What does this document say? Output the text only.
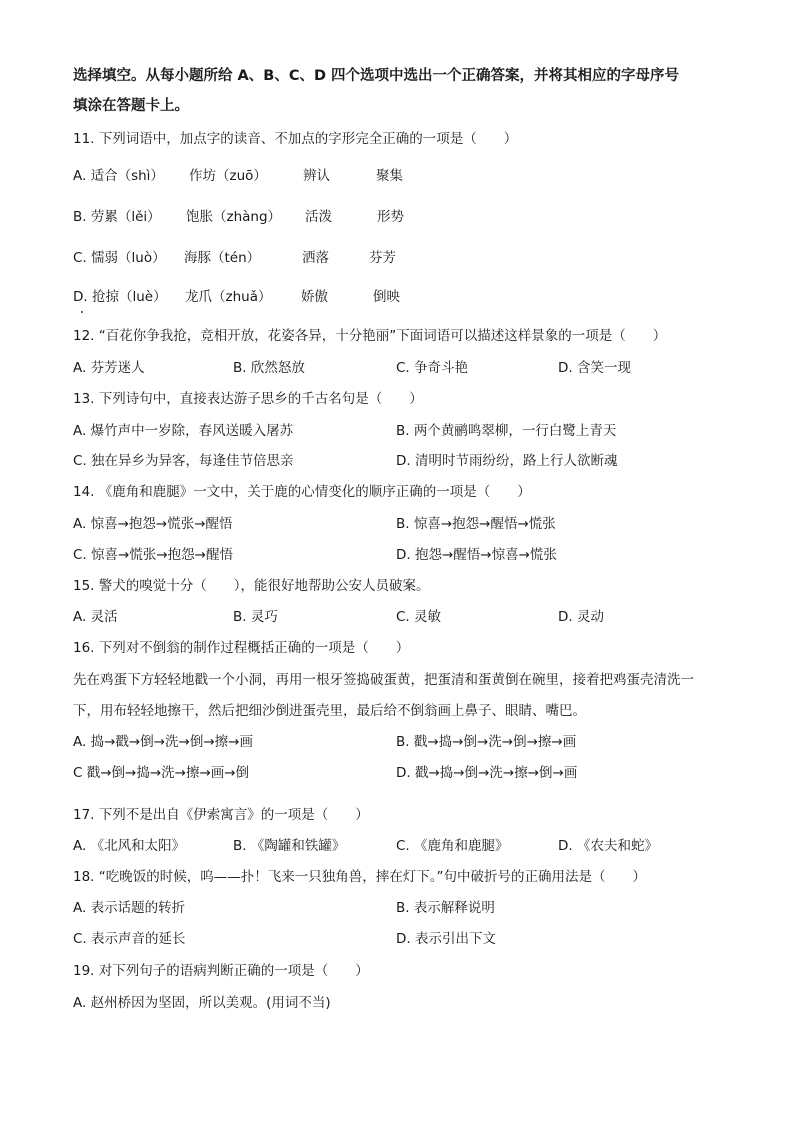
选择填空。从每小题所给 A、B、C、D 四个选项中选出一个正确答案，并将其相应的字母序号
填涂在答题卡上。
11. 下列词语中，加点字的读音、不加点的字形完全正确的一项是（　　）
A. 适合（shì） 作坊（zuō）	辨认	聚集
B. 劳累（lěi） 饱胀（zhàng） 活泼	形势
C. 懦弱（luò） 海豚（tén）	洒落	芬芳
D. 抢掠（luè） 龙爪（zhuǎ） 娇傲	倒映
12. “百花你争我抢，竞相开放，花姿各异，十分艳丽”下面词语可以描述这样景象的一项是（　　）
A. 芬芳迷人	B. 欣然怒放	C. 争奇斗艳	D. 含笑一现
13. 下列诗句中，直接表达游子思乡的千古名句是（　　）
A. 爆竹声中一岁除，春风送暖入屠苏	B. 两个黄鹂鸣翠柳，一行白鹭上青天
C. 独在异乡为异客，每逢佳节倍思亲	D. 清明时节雨纷纷，路上行人欲断魂
14. 《鹿角和鹿腿》一文中，关于鹿的心情变化的顺序正确的一项是（　　）
A. 惊喜→抱怨→慌张→醒悟	B. 惊喜→抱怨→醒悟→慌张
C. 惊喜→慌张→抱怨→醒悟	D. 抱怨→醒悟→惊喜→慌张
15. 警犬的嗅觉十分（　　），能很好地帮助公安人员破案。
A. 灵活	B. 灵巧	C. 灵敏	D. 灵动
16. 下列对不倒翁的制作过程概括正确的一项是（　　）
先在鸡蛋下方轻轻地戳一个小洞，再用一根牙签捣破蛋黄，把蛋清和蛋黄倒在碗里，接着把鸡蛋壳清洗一
下，用布轻轻地擦干，然后把细沙倒进蛋壳里，最后给不倒翁画上鼻子、眼睛、嘴巴。
A. 捣→戳→倒→洗→倒→擦→画	B. 戳→捣→倒→洗→倒→擦→画
C 戳→倒→捣→洗→擦→画→倒	D. 戳→捣→倒→洗→擦→倒→画
17. 下列不是出自《伊索寓言》的一项是（　　）
A. 《北风和太阳》	B. 《陶罐和铁罐》	C. 《鹿角和鹿腿》	D. 《农夫和蛇》
18. “吃晚饭的时候，呜——扑！飞来一只独角兽，摔在灯下。”句中破折号的正确用法是（　　）
A. 表示话题的转折	B. 表示解释说明
C. 表示声音的延长	D. 表示引出下文
19. 对下列句子的语病判断正确的一项是（　　）
A. 赵州桥因为坚固，所以美观。(用词不当)
